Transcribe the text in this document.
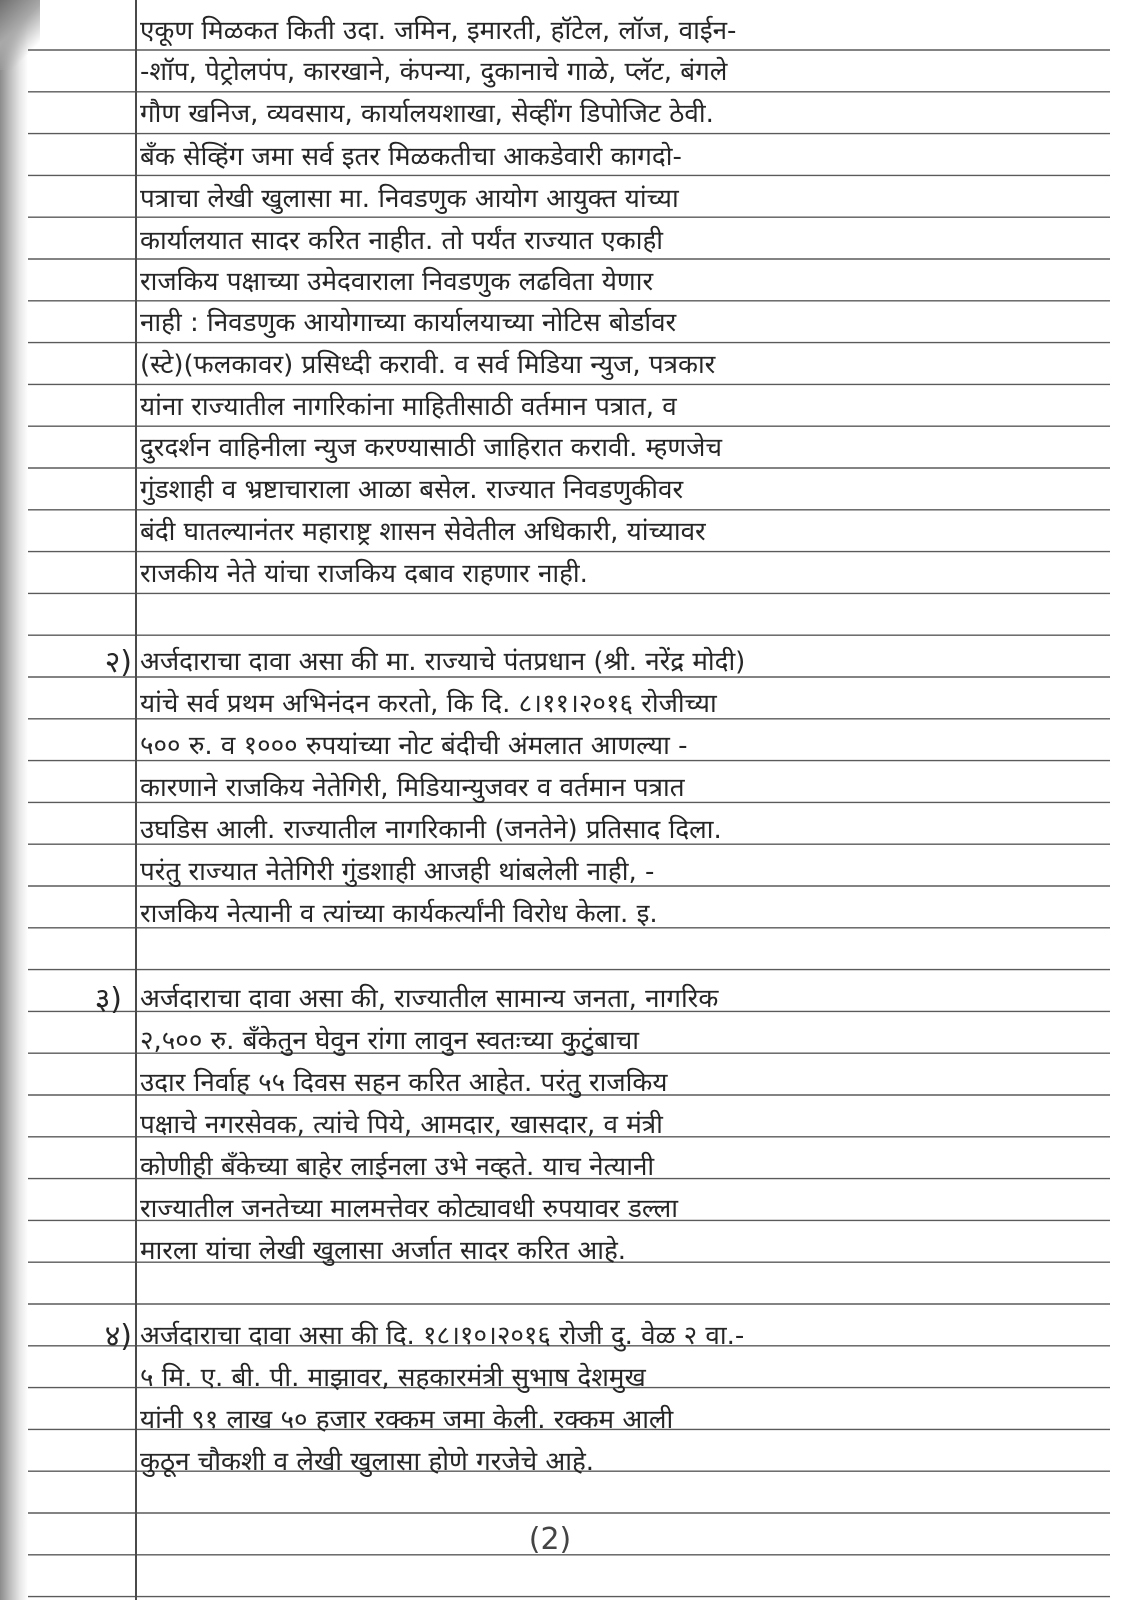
एकूण मिळकत किती उदा. जमिन, इमारती, हॉटेल, लॉज, वाईन-
-शॉप, पेट्रोलपंप, कारखाने, कंपन्या, दुकानाचे गाळे, प्लॅट, बंगले
गौण खनिज, व्यवसाय, कार्यालयशाखा, सेव्हींग डिपोजिट ठेवी.
बँक सेव्हिंग जमा सर्व इतर मिळकतीचा आकडेवारी कागदो-
पत्राचा लेखी खुलासा मा. निवडणुक आयोग आयुक्त यांच्या
कार्यालयात सादर करित नाहीत. तो पर्यंत राज्यात एकाही
राजकिय पक्षाच्या उमेदवाराला निवडणुक लढविता येणार
नाही : निवडणुक आयोगाच्या कार्यालयाच्या नोटिस बोर्डावर
(स्टे)(फलकावर) प्रसिध्दी करावी. व सर्व मिडिया न्युज, पत्रकार
यांना राज्यातील नागरिकांना माहितीसाठी वर्तमान पत्रात, व
दुरदर्शन वाहिनीला न्युज करण्यासाठी जाहिरात करावी. म्हणजेच
गुंडशाही व भ्रष्टाचाराला आळा बसेल. राज्यात निवडणुकीवर
बंदी घातल्यानंतर महाराष्ट्र शासन सेवेतील अधिकारी, यांच्यावर
राजकीय नेते यांचा राजकिय दबाव राहणार नाही.
२) अर्जदाराचा दावा असा की मा. राज्याचे पंतप्रधान (श्री. नरेंद्र मोदी)
यांचे सर्व प्रथम अभिनंदन करतो, कि दि. ८।११।२०१६ रोजीच्या
५०० रु. व १००० रुपयांच्या नोट बंदीची अंमलात आणल्या -
कारणाने राजकिय नेतेगिरी, मिडियान्युजवर व वर्तमान पत्रात
उघडिस आली. राज्यातील नागरिकानी (जनतेने) प्रतिसाद दिला.
परंतु राज्यात नेतेगिरी गुंडशाही आजही थांबलेली नाही, -
राजकिय नेत्यानी व त्यांच्या कार्यकर्त्यांनी विरोध केला. इ.
३) अर्जदाराचा दावा असा की, राज्यातील सामान्य जनता, नागरिक
२,५०० रु. बँकेतुन घेवुन रांगा लावुन स्वतःच्या कुटुंबाचा
उदार निर्वाह ५५ दिवस सहन करित आहेत. परंतु राजकिय
पक्षाचे नगरसेवक, त्यांचे पिये, आमदार, खासदार, व मंत्री
कोणीही बँकेच्या बाहेर लाईनला उभे नव्हते. याच नेत्यानी
राज्यातील जनतेच्या मालमत्तेवर कोट्यावधी रुपयावर डल्ला
मारला यांचा लेखी खुलासा अर्जात सादर करित आहे.
४) अर्जदाराचा दावा असा की दि. १८।१०।२०१६ रोजी दु. वेळ २ वा.-
५ मि. ए. बी. पी. माझावर, सहकारमंत्री सुभाष देशमुख
यांनी ९१ लाख ५० हजार रक्कम जमा केली. रक्कम आली
कुठून चौकशी व लेखी खुलासा होणे गरजेचे आहे.
(2)
